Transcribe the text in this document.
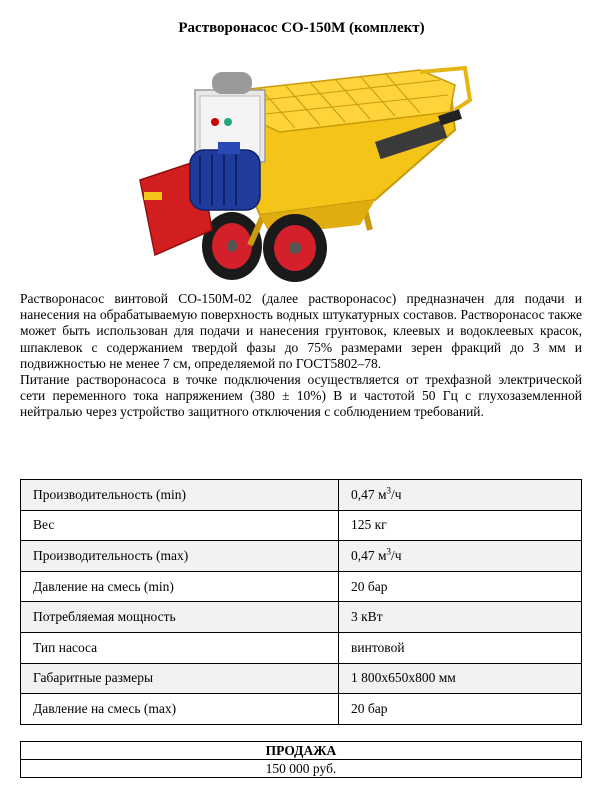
Растворонасос СО-150М (комплект)

Растворонасос винтовой СО-150М-02 (далее растворонасос) предназначен для подачи и нанесения на обрабатываемую поверхность водных штукатурных составов. Растворонасос также может быть использован для подачи и нанесения грунтовок, клеевых и водоклеевых красок, шпаклевок с содержанием твердой фазы до 75% размерами зерен фракций до 3 мм и подвижностью не менее 7 см, определяемой по ГОСТ5802–78.

Питание растворонасоса в точке подключения осуществляется от трехфазной электрической сети переменного тока напряжением (380 ± 10%) В и частотой 50 Гц с глухозаземленной нейтралью через устройство защитного отключения с соблюдением требований.

Производительность (min)	0,47 $м^3/ч$
Вес	125 кг
Производительность (max)	0,47 $м^3/ч$
Давление на смесь (min)	20 бар
Потребляемая мощность	3 кВт
Тип насоса	винтовой
Габаритные размеры	1 800х650х800 мм
Давление на смесь (max)	20 бар
ПРОДАЖА
150 000 руб.
